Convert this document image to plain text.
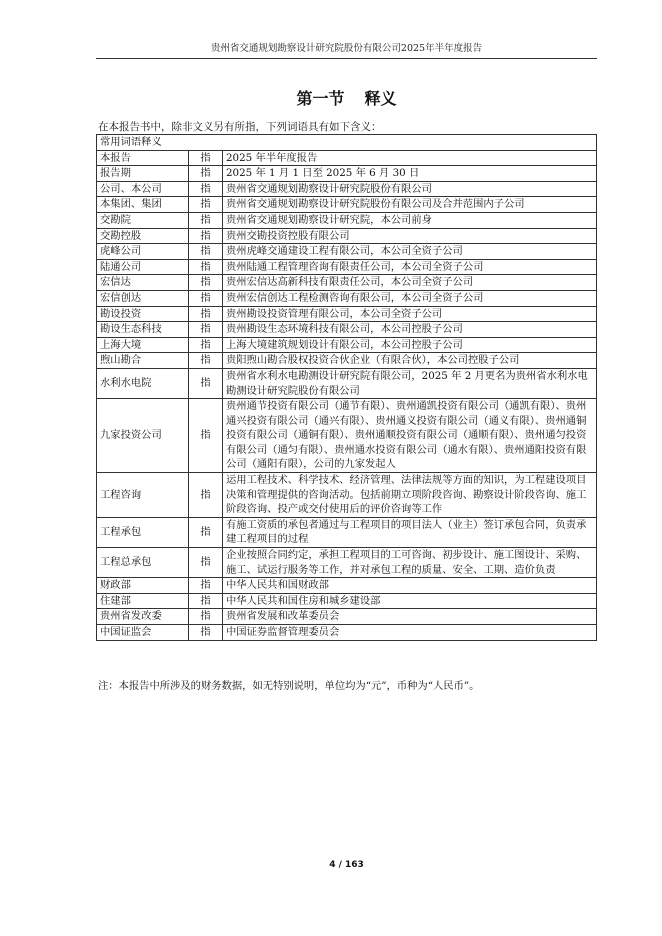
贵州省交通规划勘察设计研究院股份有限公司2025年半年度报告
第一节 释义
在本报告书中，除非文义另有所指，下列词语具有如下含义：
常用词语释义		
本报告	指	2025 年半年度报告
报告期	指	2025 年 1 月 1 日至 2025 年 6 月 30 日
公司、本公司	指	贵州省交通规划勘察设计研究院股份有限公司
本集团、集团	指	贵州省交通规划勘察设计研究院股份有限公司及合并范围内子公司
交勘院	指	贵州省交通规划勘察设计研究院，本公司前身
交勘控股	指	贵州交勘投资控股有限公司
虎峰公司	指	贵州虎峰交通建设工程有限公司，本公司全资子公司
陆通公司	指	贵州陆通工程管理咨询有限责任公司，本公司全资子公司
宏信达	指	贵州宏信达高新科技有限责任公司，本公司全资子公司
宏信创达	指	贵州宏信创达工程检测咨询有限公司，本公司全资子公司
勘设投资	指	贵州勘设投资管理有限公司，本公司全资子公司
勘设生态科技	指	贵州勘设生态环境科技有限公司，本公司控股子公司
上海大境	指	上海大境建筑规划设计有限公司，本公司控股子公司
煦山勘合	指	贵阳煦山勘合股权投资合伙企业（有限合伙），本公司控股子公司
水利水电院	指	贵州省水利水电勘测设计研究院有限公司，2025 年 2 月更名为贵州省水利水电勘测设计研究院股份有限公司
九家投资公司	指	贵州通节投资有限公司（通节有限）、贵州通凯投资有限公司（通凯有限）、贵州通兴投资有限公司（通兴有限）、贵州通义投资有限公司（通义有限）、贵州通铜投资有限公司（通铜有限）、贵州通顺投资有限公司（通顺有限）、贵州通匀投资有限公司（通匀有限）、贵州通水投资有限公司（通水有限）、贵州通阳投资有限公司（通阳有限），公司的九家发起人
工程咨询	指	运用工程技术、科学技术、经济管理、法律法规等方面的知识，为工程建设项目决策和管理提供的咨询活动。包括前期立项阶段咨询、勘察设计阶段咨询、施工阶段咨询、投产或交付使用后的评价咨询等工作
工程承包	指	有施工资质的承包者通过与工程项目的项目法人（业主）签订承包合同，负责承建工程项目的过程
工程总承包	指	企业按照合同约定，承担工程项目的工可咨询、初步设计、施工图设计、采购、施工、试运行服务等工作，并对承包工程的质量、安全、工期、造价负责
财政部	指	中华人民共和国财政部
住建部	指	中华人民共和国住房和城乡建设部
贵州省发改委	指	贵州省发展和改革委员会
中国证监会	指	中国证券监督管理委员会
注：本报告中所涉及的财务数据，如无特别说明，单位均为“元”，币种为“人民币”。
4 / 163
